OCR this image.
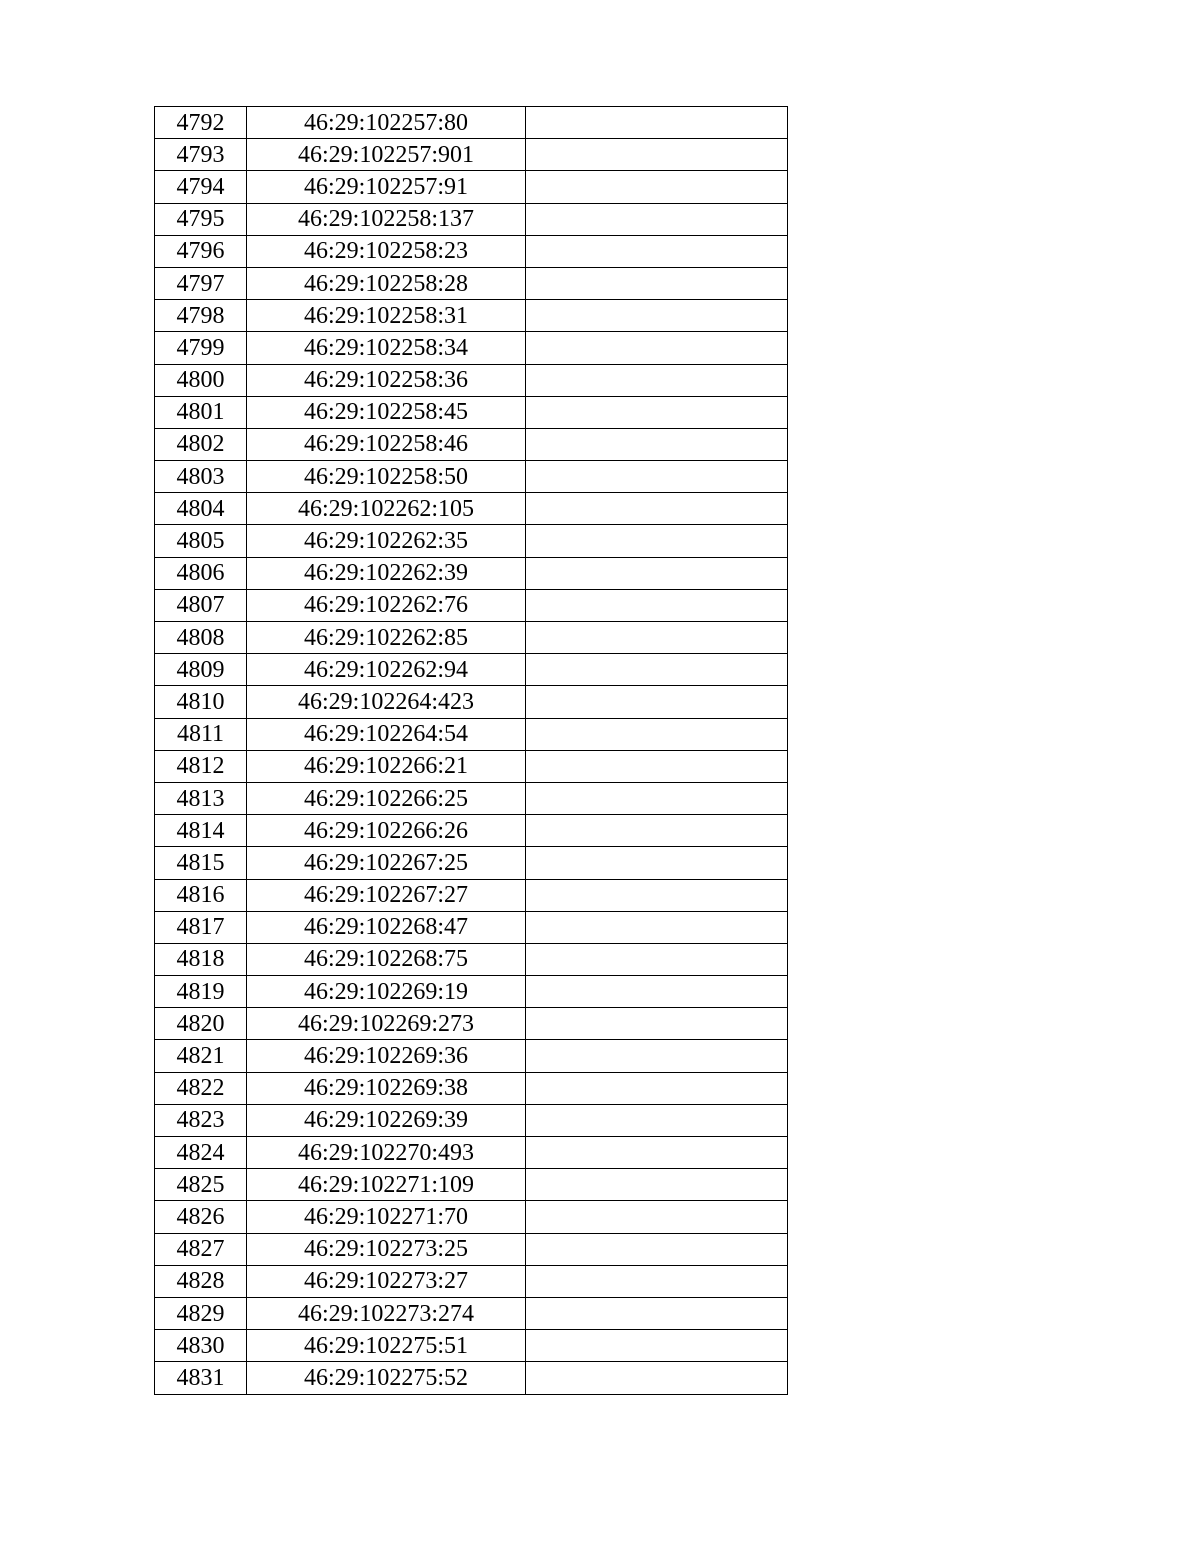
4792	46:29:102257:80	
4793	46:29:102257:901	
4794	46:29:102257:91	
4795	46:29:102258:137	
4796	46:29:102258:23	
4797	46:29:102258:28	
4798	46:29:102258:31	
4799	46:29:102258:34	
4800	46:29:102258:36	
4801	46:29:102258:45	
4802	46:29:102258:46	
4803	46:29:102258:50	
4804	46:29:102262:105	
4805	46:29:102262:35	
4806	46:29:102262:39	
4807	46:29:102262:76	
4808	46:29:102262:85	
4809	46:29:102262:94	
4810	46:29:102264:423	
4811	46:29:102264:54	
4812	46:29:102266:21	
4813	46:29:102266:25	
4814	46:29:102266:26	
4815	46:29:102267:25	
4816	46:29:102267:27	
4817	46:29:102268:47	
4818	46:29:102268:75	
4819	46:29:102269:19	
4820	46:29:102269:273	
4821	46:29:102269:36	
4822	46:29:102269:38	
4823	46:29:102269:39	
4824	46:29:102270:493	
4825	46:29:102271:109	
4826	46:29:102271:70	
4827	46:29:102273:25	
4828	46:29:102273:27	
4829	46:29:102273:274	
4830	46:29:102275:51	
4831	46:29:102275:52	
